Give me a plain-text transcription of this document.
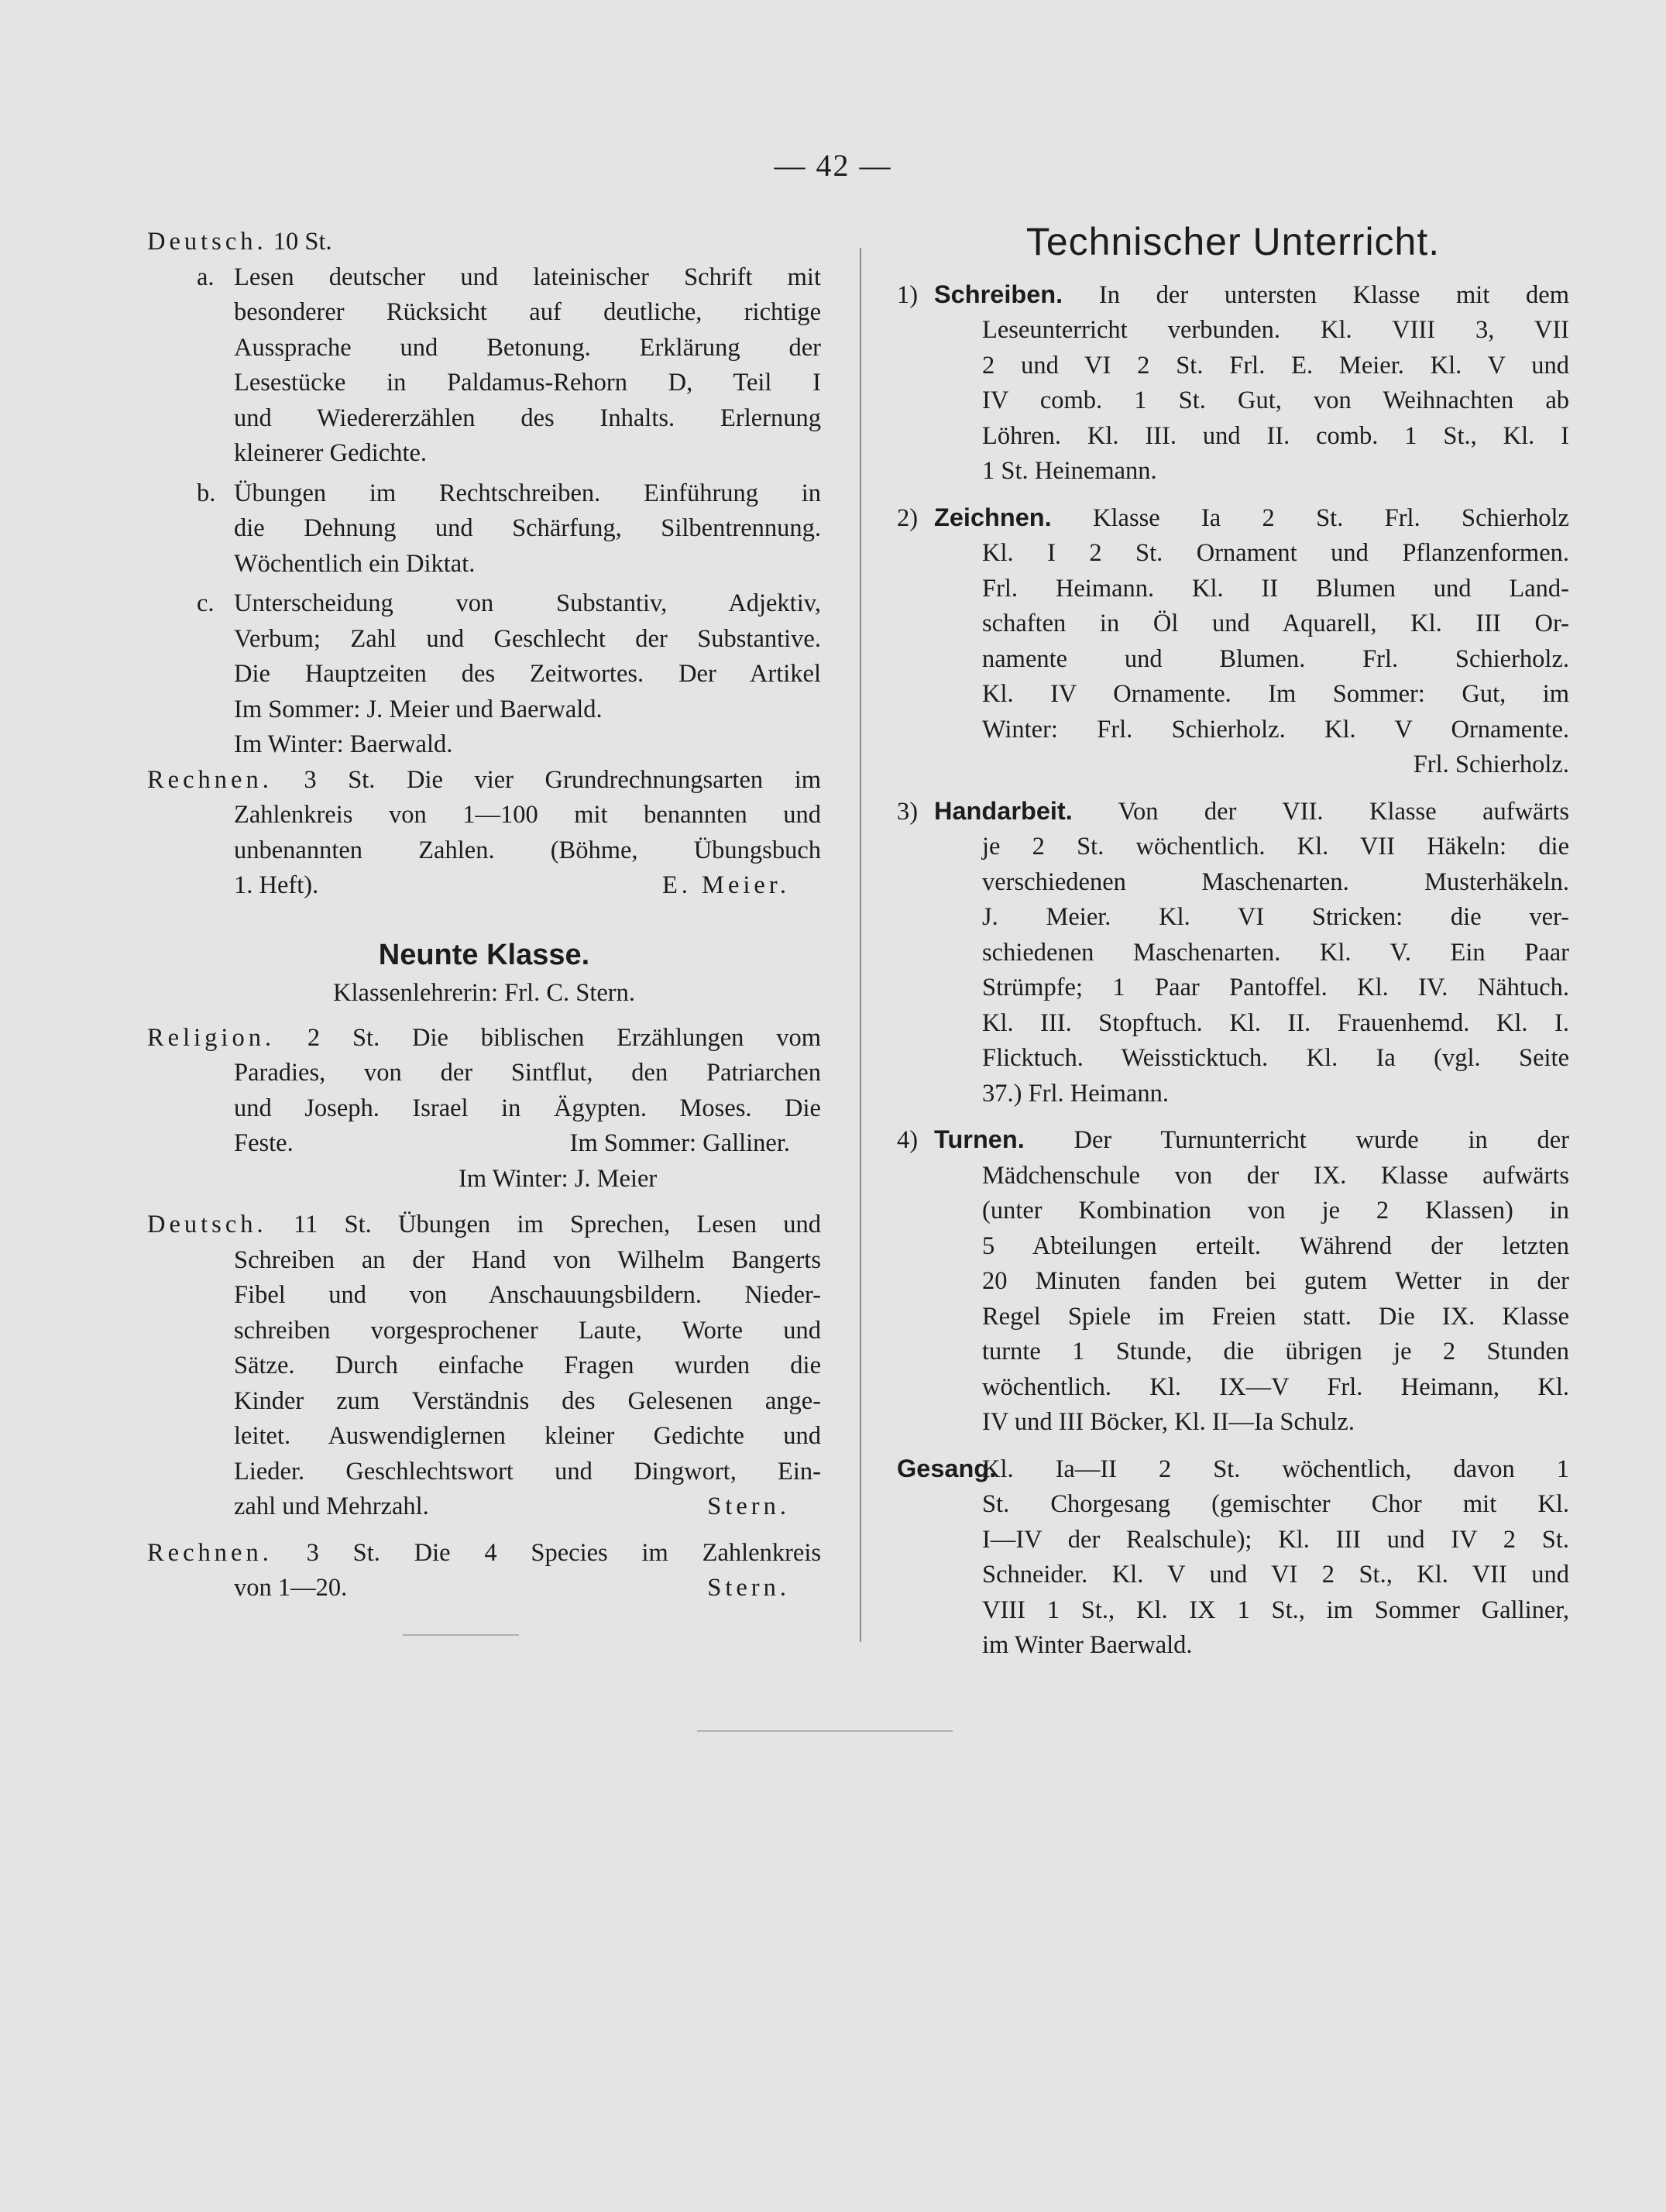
— 42 —
Deutsch. 10 St.
a. Lesen deutscher und lateinischer Schrift mit
besonderer Rücksicht auf deutliche, richtige
Aussprache und Betonung. Erklärung der
Lesestücke in Paldamus-Rehorn D, Teil I
und Wiedererzählen des Inhalts. Erlernung
kleinerer Gedichte.
b. Übungen im Rechtschreiben. Einführung in
die Dehnung und Schärfung, Silbentrennung.
Wöchentlich ein Diktat.
c. Unterscheidung von Substantiv, Adjektiv,
Verbum; Zahl und Geschlecht der Substantive.
Die Hauptzeiten des Zeitwortes. Der Artikel
Im Sommer: J. Meier und Baerwald.
Im Winter: Baerwald.
Rechnen. 3 St. Die vier Grundrechnungsarten im
Zahlenkreis von 1—100 mit benannten und
unbenannten Zahlen. (Böhme, Übungsbuch
1. Heft).	E. Meier.
Neunte Klasse.
Klassenlehrerin: Frl. C. Stern.
Religion. 2 St. Die biblischen Erzählungen vom
Paradies, von der Sintflut, den Patriarchen
und Joseph. Israel in Ägypten. Moses. Die
Feste.	Im Sommer: Galliner.
Im Winter: J. Meier
Deutsch. 11 St. Übungen im Sprechen, Lesen und
Schreiben an der Hand von Wilhelm Bangerts
Fibel und von Anschauungsbildern. Nieder-
schreiben vorgesprochener Laute, Worte und
Sätze. Durch einfache Fragen wurden die
Kinder zum Verständnis des Gelesenen ange-
leitet. Auswendiglernen kleiner Gedichte und
Lieder. Geschlechtswort und Dingwort, Ein-
zahl und Mehrzahl.	Stern.
Rechnen. 3 St. Die 4 Species im Zahlenkreis
von 1—20.	Stern.
Technischer Unterricht.
1) Schreiben. In der untersten Klasse mit dem
Leseunterricht verbunden. Kl. VIII 3, VII
2 und VI 2 St. Frl. E. Meier. Kl. V und
IV comb. 1 St. Gut, von Weihnachten ab
Löhren. Kl. III. und II. comb. 1 St., Kl. I
1 St. Heinemann.
2) Zeichnen. Klasse Ia 2 St. Frl. Schierholz
Kl. I 2 St. Ornament und Pflanzenformen.
Frl. Heimann. Kl. II Blumen und Land-
schaften in Öl und Aquarell, Kl. III Or-
namente und Blumen. Frl. Schierholz.
Kl. IV Ornamente. Im Sommer: Gut, im
Winter: Frl. Schierholz. Kl. V Ornamente.
Frl. Schierholz.
3) Handarbeit. Von der VII. Klasse aufwärts
je 2 St. wöchentlich. Kl. VII Häkeln: die
verschiedenen Maschenarten. Musterhäkeln.
J. Meier. Kl. VI Stricken: die ver-
schiedenen Maschenarten. Kl. V. Ein Paar
Strümpfe; 1 Paar Pantoffel. Kl. IV. Nähtuch.
Kl. III. Stopftuch. Kl. II. Frauenhemd. Kl. I.
Flicktuch. Weissticktuch. Kl. Ia (vgl. Seite
37.) Frl. Heimann.
4) Turnen. Der Turnunterricht wurde in der
Mädchenschule von der IX. Klasse aufwärts
(unter Kombination von je 2 Klassen) in
5 Abteilungen erteilt. Während der letzten
20 Minuten fanden bei gutem Wetter in der
Regel Spiele im Freien statt. Die IX. Klasse
turnte 1 Stunde, die übrigen je 2 Stunden
wöchentlich. Kl. IX—V Frl. Heimann, Kl.
IV und III Böcker, Kl. II—Ia Schulz.
Gesang.Kl. Ia—II 2 St. wöchentlich, davon 1
St. Chorgesang (gemischter Chor mit Kl.
I—IV der Realschule); Kl. III und IV 2 St.
Schneider. Kl. V und VI 2 St., Kl. VII und
VIII 1 St., Kl. IX 1 St., im Sommer Galliner,
im Winter Baerwald.
